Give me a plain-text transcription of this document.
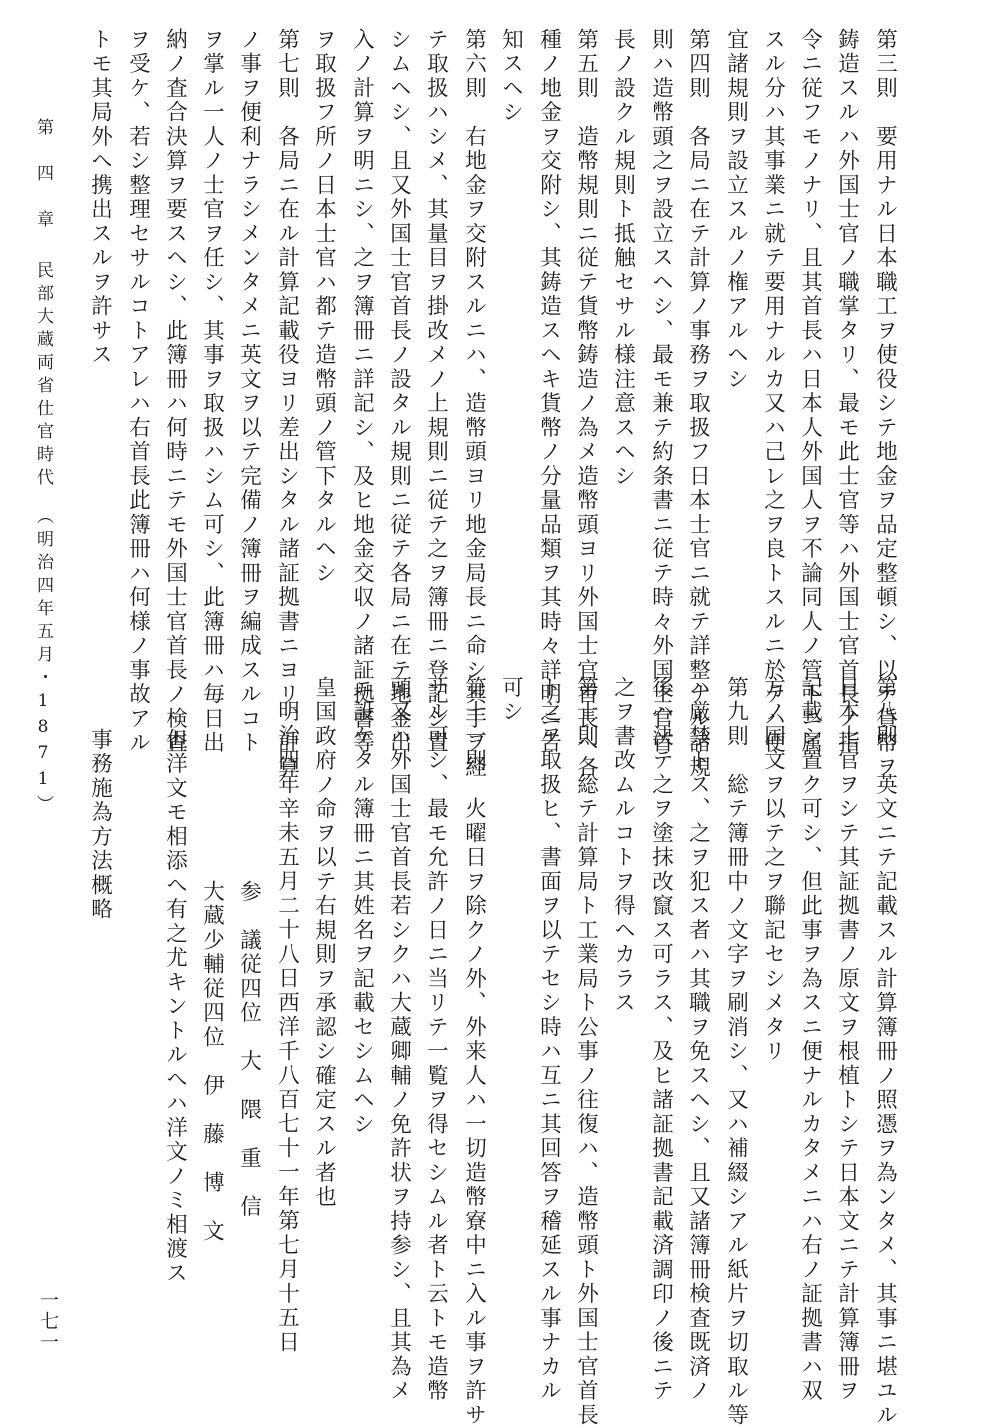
第　四　章民部大蔵両省仕官時代（明治四年五月・1871）	第三則　要用ナル日本職工ヲ使役シテ地金ヲ品定整頓シ、以テ貨幣ヲ
鋳造スルハ外国士官ノ職掌タリ、最モ此士官等ハ外国士官首長ノ指
令ニ従フモノナリ、且其首長ハ日本人外国人ヲ不論同人ノ管下ニ属
スル分ハ其事業ニ就テ要用ナルカ又ハ己レ之ヲ良トスルニ於テハ便
宜諸規則ヲ設立スルノ権アルヘシ
第四則　各局ニ在テ計算ノ事務ヲ取扱フ日本士官ニ就テ詳整ナル諸規
則ハ造幣頭之ヲ設立スヘシ、最モ兼テ約条書ニ従テ時々外国士官首
長ノ設クル規則ト抵触セサル様注意スヘシ
第五則　造幣規則ニ従テ貨幣鋳造ノ為メ造幣頭ヨリ外国士官首長へ各
種ノ地金ヲ交附シ、其鋳造スヘキ貨幣ノ分量品類ヲ其時々詳明ニ告
知スヘシ
第六則　右地金ヲ交附スルニハ、造幣頭ヨリ地金局長ニ命シ其手ヲ経
テ取扱ハシメ、其量目ヲ掛改メノ上規則ニ従テ之ヲ簿冊ニ登記シ置
シムヘシ、且又外国士官首長ノ設タル規則ニ従テ各局ニ在テ地金出
入ノ計算ヲ明ニシ、之ヲ簿冊ニ詳記シ、及ヒ地金交収ノ諸証拠書等
ヲ取扱フ所ノ日本士官ハ都テ造幣頭ノ管下タルヘシ
第七則　各局ニ在ル計算記載役ヨリ差出シタル諸証拠書ニヨリ、計算
ノ事ヲ便利ナラシメンタメニ英文ヲ以テ完備ノ簿冊ヲ編成スルコト
ヲ掌ル一人ノ士官ヲ任シ、其事ヲ取扱ハシム可シ、此簿冊ハ毎日出
納ノ査合決算ヲ要スヘシ、此簿冊ハ何時ニテモ外国士官首長ノ検査
ヲ受ケ、若シ整理セサルコトアレハ右首長此簿冊ハ何様ノ事故アル
トモ其局外へ携出スルヲ許サス
第八則　英文ニテ記載スル計算簿冊ノ照憑ヲ為ンタメ、其事ニ堪ユル
日本士官ヲシテ其証拠書ノ原文ヲ根植トシテ日本文ニテ計算簿冊ヲ
記載シ置ク可シ、但此事ヲ為スニ便ナルカタメニハ右ノ証拠書ハ双
方ノ国文ヲ以テ之ヲ聯記セシメタリ
第九則　総テ簿冊中ノ文字ヲ刷消シ、又ハ補綴シアル紙片ヲ切取ル等
ハ厳禁トス、之ヲ犯ス者ハ其職ヲ免スヘシ、且又諸簿冊検査既済ノ
後ハ決テ之ヲ塗抹改竄ス可ラス、及ヒ諸証拠書記載済調印ノ後ニテ
之ヲ書改ムルコトヲ得ヘカラス
第十則　総テ計算局ト工業局ト公事ノ往復ハ、造幣頭ト外国士官首長
ト之ヲ取扱ヒ、書面ヲ以テセシ時ハ互ニ其回答ヲ稽延スル事ナカル
可シ
第十一則　火曜日ヲ除クノ外、外来人ハ一切造幣寮中ニ入ル事ヲ許サ
サル可シ、最モ允許ノ日ニ当リテ一覧ヲ得セシムル者ト云トモ造幣
頭又ハ外国士官首長若シクハ大蔵卿輔ノ免許状ヲ持参シ、且其為メ
ニ設ケタル簿冊ニ其姓名ヲ記載セシムヘシ
皇国政府ノ命ヲ以テ右規則ヲ承認シ確定スル者也
明治四年辛未五月二十八日西洋千八百七十一年第七月十五日
参　議従四位　大　隈　重　信
大蔵少輔従四位　伊　藤　博　文
但洋文モ相添へ有之尤キントルへハ洋文ノミ相渡ス
事務施為方法概略
一七一
